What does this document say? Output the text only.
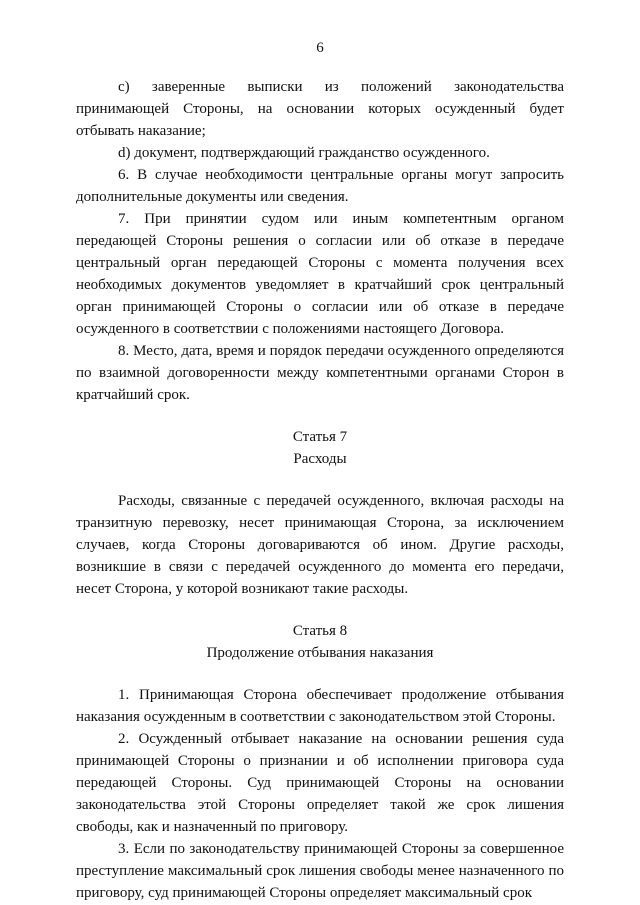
6

с) заверенные выписки из положений законодательства принимающей Стороны, на основании которых осужденный будет отбывать наказание;

d) документ, подтверждающий гражданство осужденного.

6. В случае необходимости центральные органы могут запросить дополнительные документы или сведения.

7. При принятии судом или иным компетентным органом передающей Стороны решения о согласии или об отказе в передаче центральный орган передающей Стороны с момента получения всех необходимых документов уведомляет в кратчайший срок центральный орган принимающей Стороны о согласии или об отказе в передаче осужденного в соответствии с положениями настоящего Договора.

8. Место, дата, время и порядок передачи осужденного определяются по взаимной договоренности между компетентными органами Сторон в кратчайший срок.

Статья 7

Расходы

Расходы, связанные с передачей осужденного, включая расходы на транзитную перевозку, несет принимающая Сторона, за исключением случаев, когда Стороны договариваются об ином. Другие расходы, возникшие в связи с передачей осужденного до момента его передачи, несет Сторона, у которой возникают такие расходы.

Статья 8

Продолжение отбывания наказания

1. Принимающая Сторона обеспечивает продолжение отбывания наказания осужденным в соответствии с законодательством этой Стороны.

2. Осужденный отбывает наказание на основании решения суда принимающей Стороны о признании и об исполнении приговора суда передающей Стороны. Суд принимающей Стороны на основании законодательства этой Стороны определяет такой же срок лишения свободы, как и назначенный по приговору.

3. Если по законодательству принимающей Стороны за совершенное преступление максимальный срок лишения свободы менее назначенного по приговору, суд принимающей Стороны определяет максимальный срок
